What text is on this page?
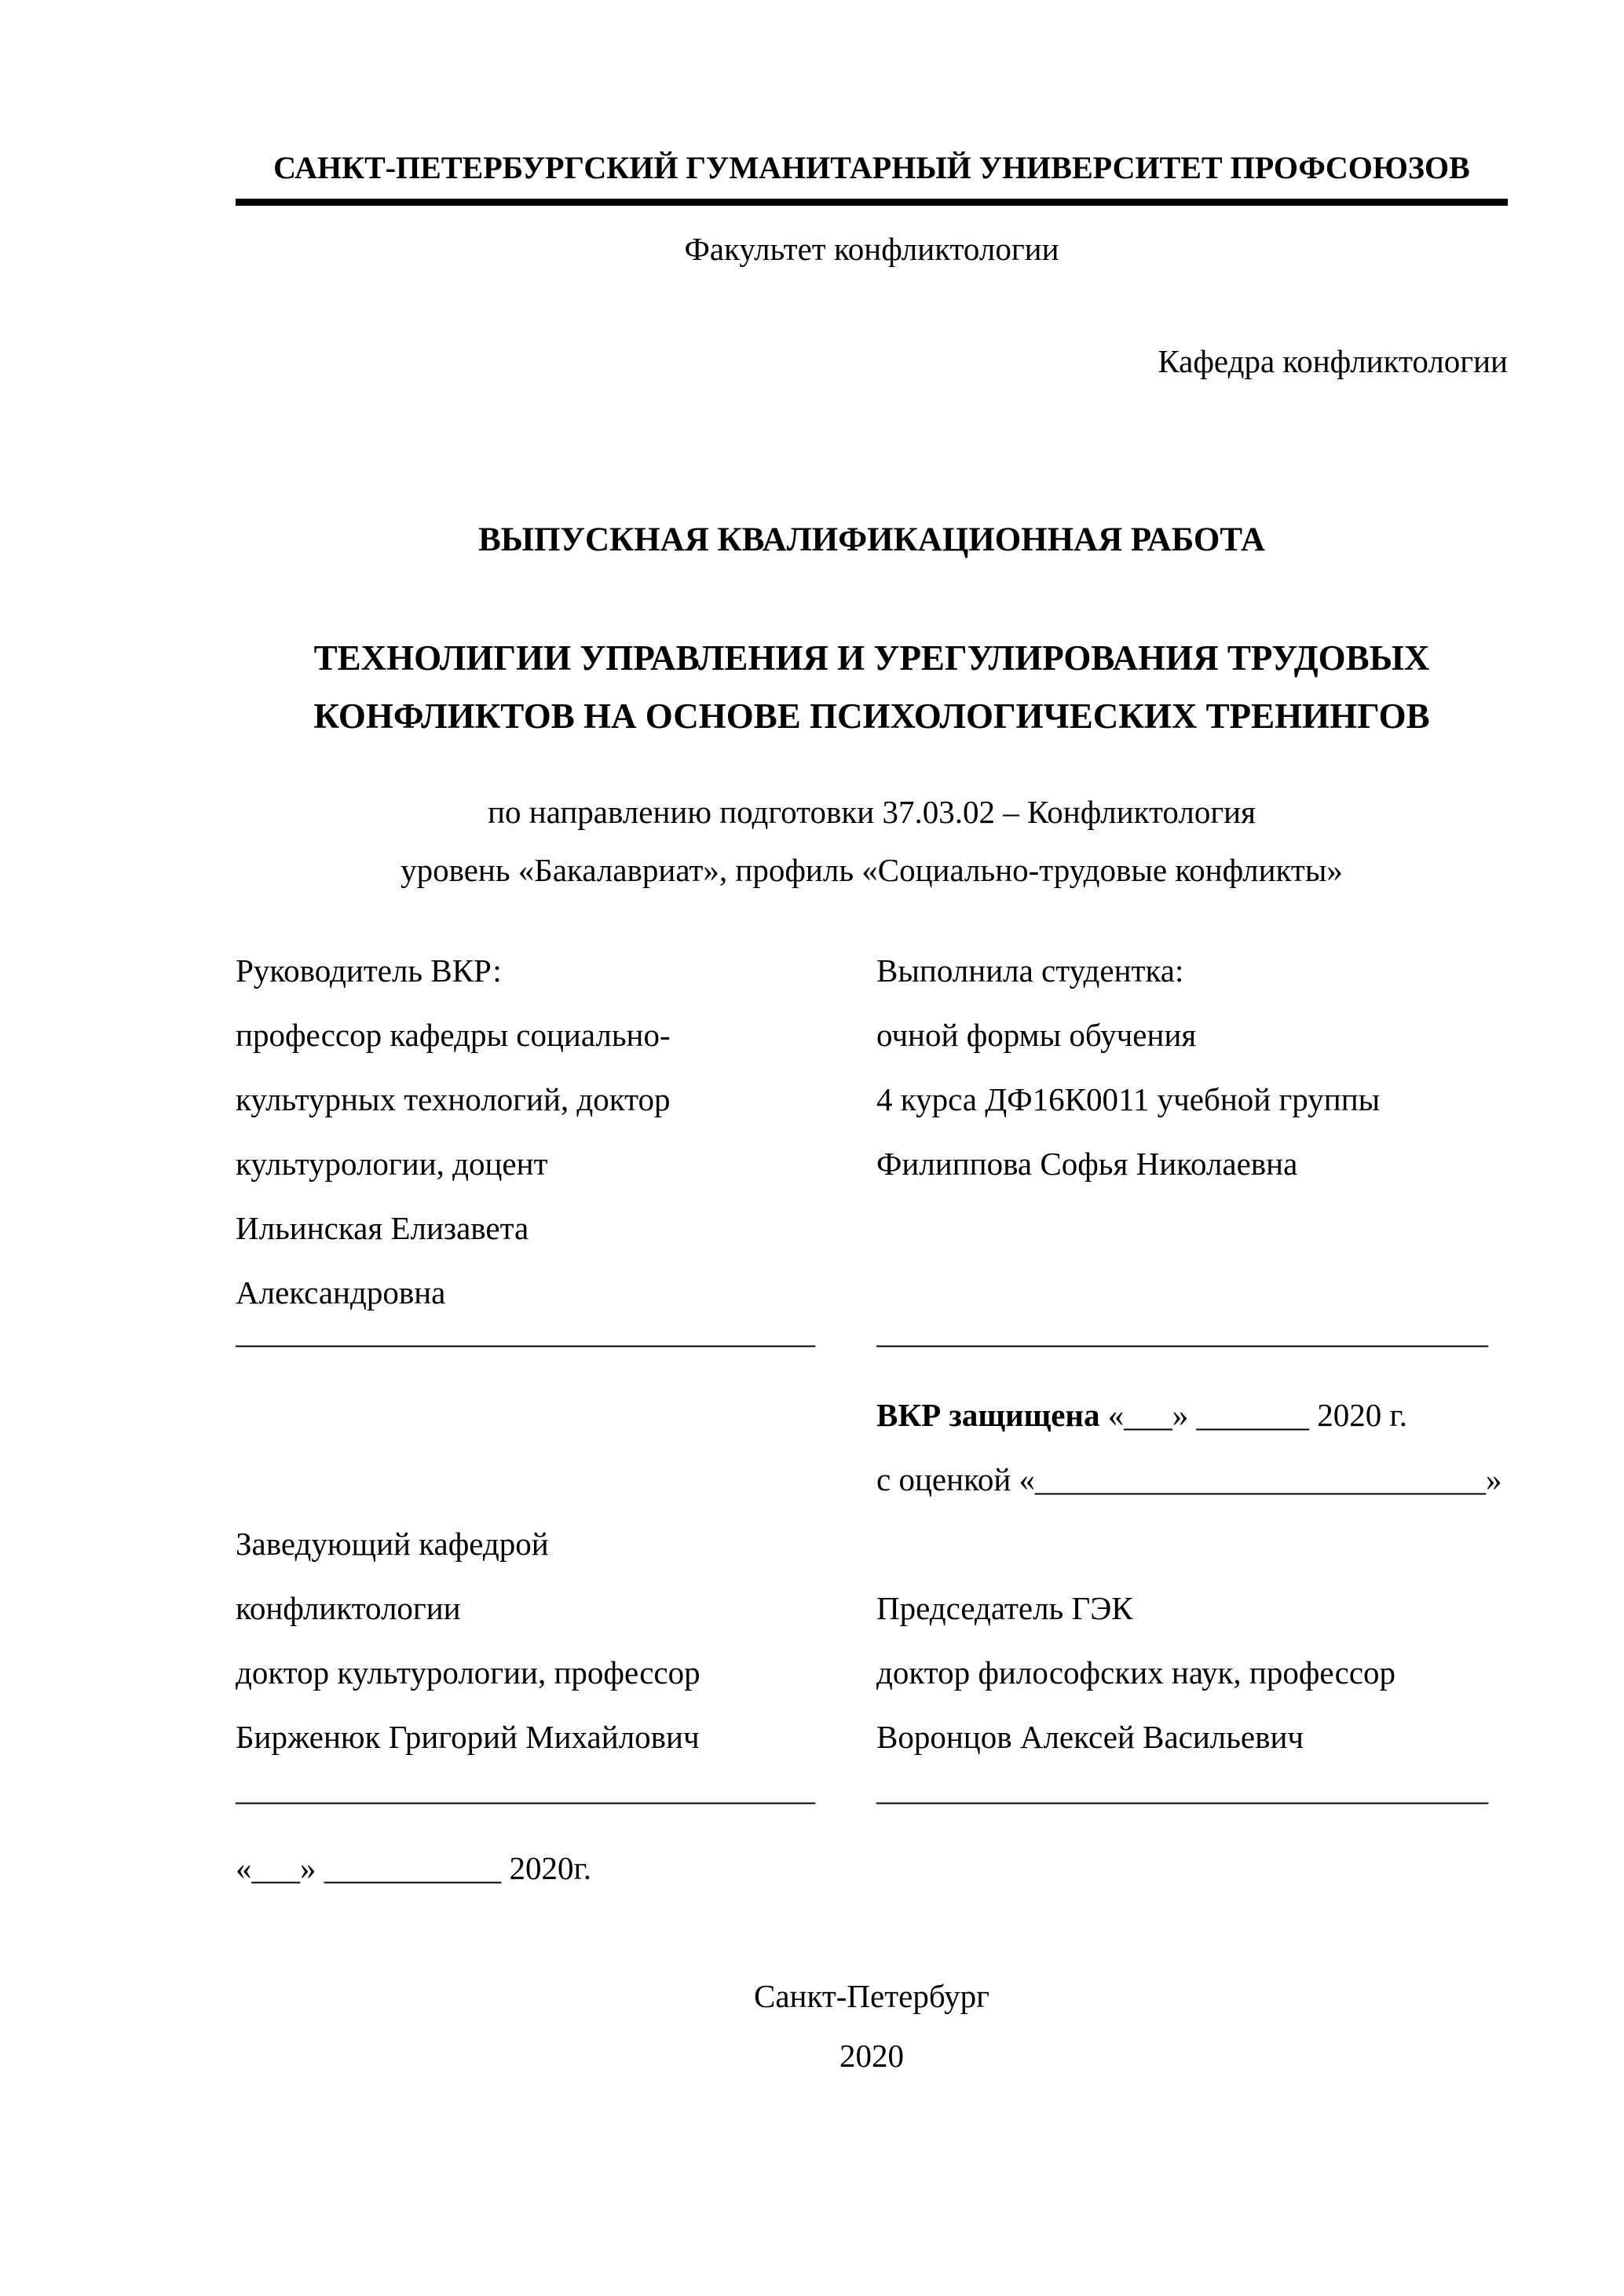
САНКТ-ПЕТЕРБУРГСКИЙ ГУМАНИТАРНЫЙ УНИВЕРСИТЕТ ПРОФСОЮЗОВ
Факультет конфликтологии
Кафедра конфликтологии
ВЫПУСКНАЯ КВАЛИФИКАЦИОННАЯ РАБОТА
ТЕХНОЛИГИИ УПРАВЛЕНИЯ И УРЕГУЛИРОВАНИЯ ТРУДОВЫХ
КОНФЛИКТОВ НА ОСНОВЕ ПСИХОЛОГИЧЕСКИХ ТРЕНИНГОВ
по направлению подготовки 37.03.02 – Конфликтология
уровень «Бакалавриат», профиль «Социально-трудовые конфликты»
Руководитель ВКР:
профессор кафедры социально-
культурных технологий, доктор
культурологии, доцент
Ильинская Елизавета
Александровна
Выполнила студентка:
очной формы обучения
4 курса ДФ16К0011 учебной группы
Филиппова Софья Николаевна
____________________________________	______________________________________
ВКР защищена «___» _______ 2020 г.
с оценкой «____________________________»
Заведующий кафедрой
конфликтологии
доктор культурологии, профессор
Бирженюк Григорий Михайлович

Председатель ГЭК
доктор философских наук, профессор
Воронцов Алексей Васильевич
____________________________________	______________________________________
«___» ___________ 2020г.
Санкт-Петербург
2020
